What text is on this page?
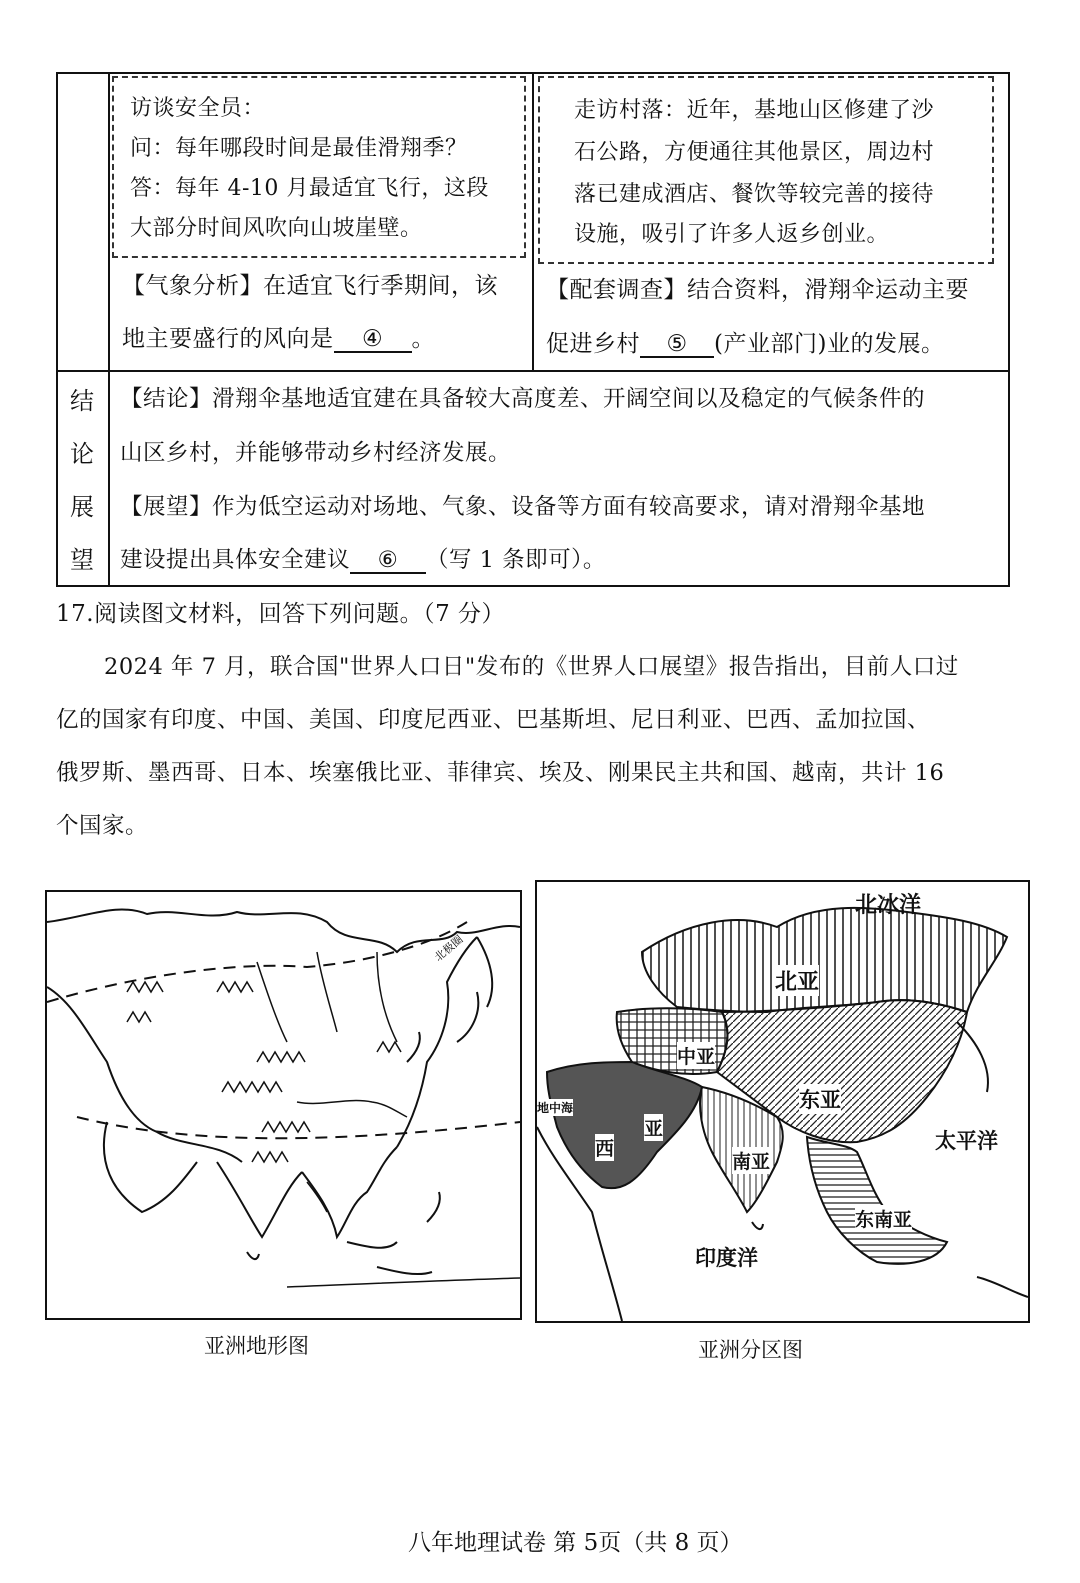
访谈安全员：
问：每年哪段时间是最佳滑翔季？
答：每年 4-10 月最适宜飞行，这段
大部分时间风吹向山坡崖壁。
【气象分析】在适宜飞行季期间，该
地主要盛行的风向是 ④ 。
走访村落：近年，基地山区修建了沙
石公路，方便通往其他景区，周边村
落已建成酒店、餐饮等较完善的接待
设施，吸引了许多人返乡创业。
【配套调查】结合资料，滑翔伞运动主要
促进乡村 ⑤ (产业部门)业的发展。
结
论
展
望
【结论】滑翔伞基地适宜建在具备较大高度差、开阔空间以及稳定的气候条件的
山区乡村，并能够带动乡村经济发展。
【展望】作为低空运动对场地、气象、设备等方面有较高要求，请对滑翔伞基地
建设提出具体安全建议 ⑥ （写 1 条即可）。
17.阅读图文材料，回答下列问题。（7 分）
2024 年 7 月，联合国"世界人口日"发布的《世界人口展望》报告指出，目前人口过
亿的国家有印度、中国、美国、印度尼西亚、巴基斯坦、尼日利亚、巴西、孟加拉国、
俄罗斯、墨西哥、日本、埃塞俄比亚、菲律宾、埃及、刚果民主共和国、越南，共计 16
个国家。
北极圈
亚洲地形图
北冰洋
北亚
中亚
东亚
西
亚
地中海
太平洋
南亚
东南亚
印度洋
亚洲分区图
八年地理试卷 第 5页（共 8 页）
